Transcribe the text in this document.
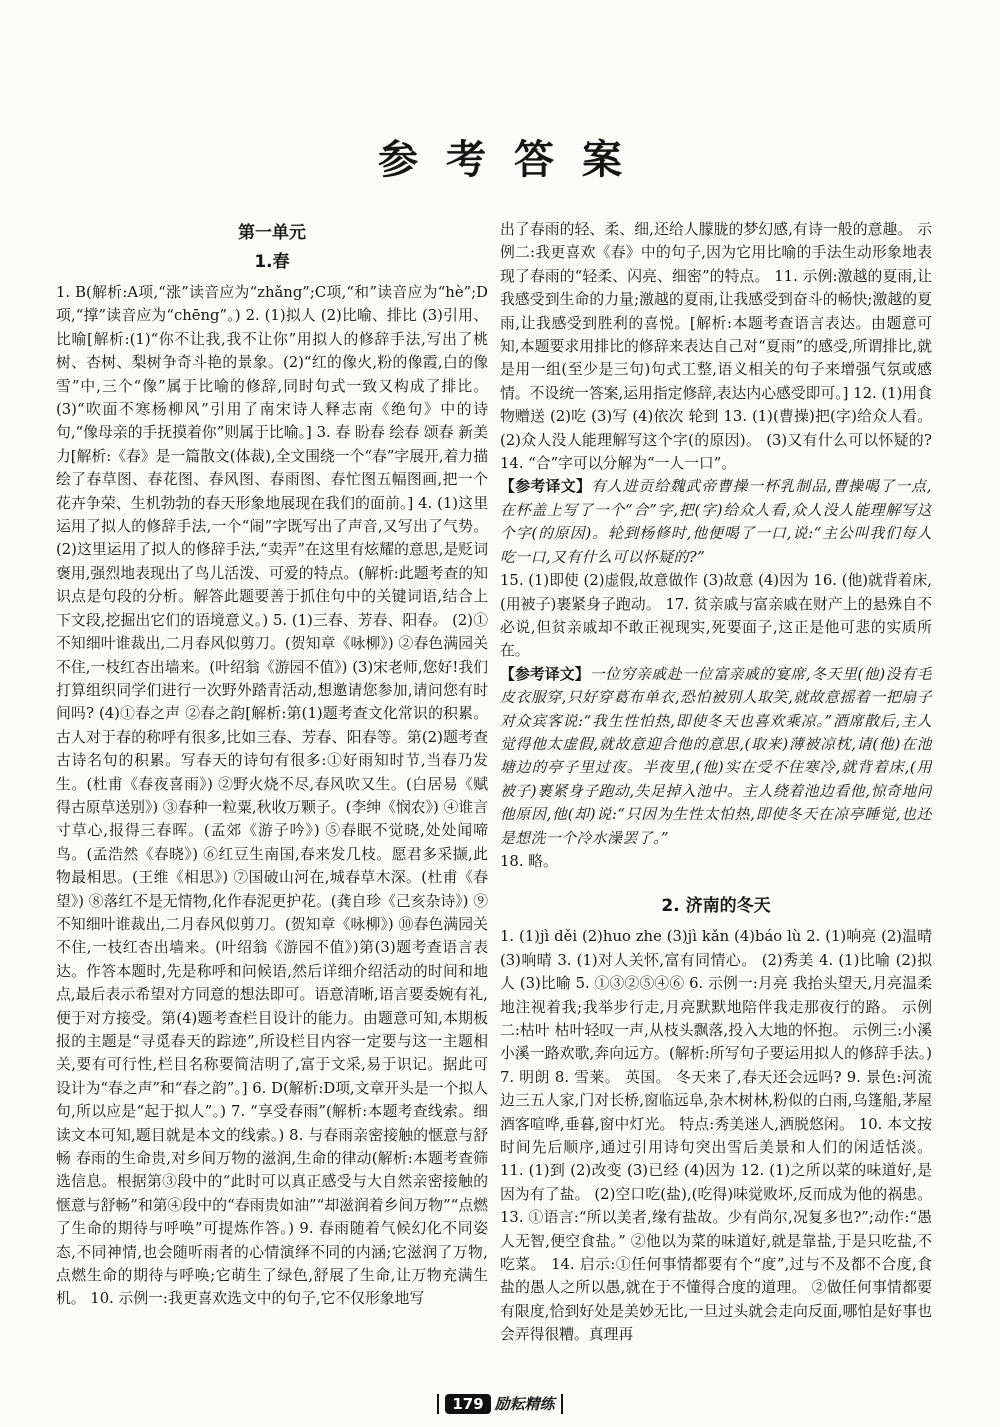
参考答案
第一单元
1.春

1. B(解析:A项,“涨”读音应为“zhǎng”;C项,“和”读音应为“hè”;D项,“撑”读音应为“chēng”。) 2. (1)拟人 (2)比喻、排比 (3)引用、比喻[解析:(1)“你不让我,我不让你”用拟人的修辞手法,写出了桃树、杏树、梨树争奇斗艳的景象。(2)“红的像火,粉的像霞,白的像雪”中,三个“像”属于比喻的修辞,同时句式一致又构成了排比。(3)“吹面不寒杨柳风”引用了南宋诗人释志南《绝句》中的诗句,“像母亲的手抚摸着你”则属于比喻。] 3. 春 盼春 绘春 颂春 新美 力[解析:《春》是一篇散文(体裁),全文围绕一个“春”字展开,着力描绘了春草图、春花图、春风图、春雨图、春忙图五幅图画,把一个花卉争荣、生机勃勃的春天形象地展现在我们的面前。] 4. (1)这里运用了拟人的修辞手法,一个“闹”字既写出了声音,又写出了气势。(2)这里运用了拟人的修辞手法,“卖弄”在这里有炫耀的意思,是贬词褒用,强烈地表现出了鸟儿活泼、可爱的特点。(解析:此题考查的知识点是句段的分析。解答此题要善于抓住句中的关键词语,结合上下文段,挖掘出它们的语境意义。) 5. (1)三春、芳春、阳春。 (2)①不知细叶谁裁出,二月春风似剪刀。(贺知章《咏柳》) ②春色满园关不住,一枝红杏出墙来。(叶绍翁《游园不值》) (3)宋老师,您好!我们打算组织同学们进行一次野外踏青活动,想邀请您参加,请问您有时间吗? (4)①春之声 ②春之韵[解析:第(1)题考查文化常识的积累。古人对于春的称呼有很多,比如三春、芳春、阳春等。第(2)题考查古诗名句的积累。写春天的诗句有很多:①好雨知时节,当春乃发生。(杜甫《春夜喜雨》) ②野火烧不尽,春风吹又生。(白居易《赋得古原草送别》) ③春种一粒粟,秋收万颗子。(李绅《悯农》) ④谁言寸草心,报得三春晖。(孟郊《游子吟》) ⑤春眠不觉晓,处处闻啼鸟。(孟浩然《春晓》) ⑥红豆生南国,春来发几枝。愿君多采撷,此物最相思。(王维《相思》) ⑦国破山河在,城春草木深。(杜甫《春望》) ⑧落红不是无情物,化作春泥更护花。(龚自珍《己亥杂诗》) ⑨不知细叶谁裁出,二月春风似剪刀。(贺知章《咏柳》) ⑩春色满园关不住,一枝红杏出墙来。(叶绍翁《游园不值》)第(3)题考查语言表达。作答本题时,先是称呼和问候语,然后详细介绍活动的时间和地点,最后表示希望对方同意的想法即可。语意清晰,语言要委婉有礼,便于对方接受。第(4)题考查栏目设计的能力。由题意可知,本期板报的主题是“寻觅春天的踪迹”,所设栏目内容一定要与这一主题相关,要有可行性,栏目名称要简洁明了,富于文采,易于识记。据此可设计为“春之声”和“春之韵”。] 6. D(解析:D项,文章开头是一个拟人句,所以应是“起于拟人”。) 7. “享受春雨”(解析:本题考查线索。细读文本可知,题目就是本文的线索。) 8. 与春雨亲密接触的惬意与舒畅 春雨的生命贵,对乡间万物的滋润,生命的律动(解析:本题考查筛选信息。根据第③段中的“此时可以真正感受与大自然亲密接触的惬意与舒畅”和第④段中的“春雨贵如油”“却滋润着乡间万物”“点燃了生命的期待与呼唤”可提炼作答。) 9. 春雨随着气候幻化不同姿态,不同神情,也会随听雨者的心情演绎不同的内涵;它滋润了万物,点燃生命的期待与呼唤;它萌生了绿色,舒展了生命,让万物充满生机。 10. 示例一:我更喜欢选文中的句子,它不仅形象地写

出了春雨的轻、柔、细,还给人朦胧的梦幻感,有诗一般的意趣。 示例二:我更喜欢《春》中的句子,因为它用比喻的手法生动形象地表现了春雨的“轻柔、闪亮、细密”的特点。 11. 示例:激越的夏雨,让我感受到生命的力量;激越的夏雨,让我感受到奋斗的畅快;激越的夏雨,让我感受到胜利的喜悦。[解析:本题考查语言表达。由题意可知,本题要求用排比的修辞来表达自己对“夏雨”的感受,所谓排比,就是用一组(至少是三句)句式工整,语义相关的句子来增强气氛或感情。不设统一答案,运用指定修辞,表达内心感受即可。] 12. (1)用食物赠送 (2)吃 (3)写 (4)依次 轮到 13. (1)(曹操)把(字)给众人看。 (2)众人没人能理解写这个字(的原因)。 (3)又有什么可以怀疑的? 14. “合”字可以分解为“一人一口”。

【参考译文】有人进贡给魏武帝曹操一杯乳制品,曹操喝了一点,在杯盖上写了一个“合”字,把(字)给众人看,众人没人能理解写这个字(的原因)。轮到杨修时,他便喝了一口,说:“主公叫我们每人吃一口,又有什么可以怀疑的?”

15. (1)即使 (2)虚假,故意做作 (3)故意 (4)因为 16. (他)就背着床,(用被子)裹紧身子跑动。 17. 贫亲戚与富亲戚在财产上的悬殊自不必说,但贫亲戚却不敢正视现实,死要面子,这正是他可悲的实质所在。

【参考译文】一位穷亲戚赴一位富亲戚的宴席,冬天里(他)没有毛皮衣服穿,只好穿葛布单衣,恐怕被别人取笑,就故意摇着一把扇子对众宾客说:“我生性怕热,即使冬天也喜欢乘凉。”酒席散后,主人觉得他太虚假,就故意迎合他的意思,(取来)薄被凉枕,请(他)在池塘边的亭子里过夜。半夜里,(他)实在受不住寒冷,就背着床,(用被子)裹紧身子跑动,失足掉入池中。主人绕着池边看他,惊奇地问他原因,他(却)说:“只因为生性太怕热,即使冬天在凉亭睡觉,也还是想洗一个冷水澡罢了。”

18. 略。

2. 济南的冬天

1. (1)jì děi (2)huo zhe (3)jì kǎn (4)báo lù 2. (1)响亮 (2)温晴 (3)响晴 3. (1)对人关怀,富有同情心。 (2)秀美 4. (1)比喻 (2)拟人 (3)比喻 5. ①③②⑤④⑥ 6. 示例一:月亮 我抬头望天,月亮温柔地注视着我;我举步行走,月亮默默地陪伴我走那夜行的路。 示例二:枯叶 枯叶轻叹一声,从枝头飘落,投入大地的怀抱。 示例三:小溪 小溪一路欢歌,奔向远方。(解析:所写句子要运用拟人的修辞手法。) 7. 明朗 8. 雪莱。 英国。 冬天来了,春天还会远吗? 9. 景色:河流边三五人家,门对长桥,窗临远阜,杂木树林,粉似的白雨,乌篷船,茅屋酒客喧哗,垂暮,窗中灯光。 特点:秀美迷人,洒脱悠闲。 10. 本文按时间先后顺序,通过引用诗句突出雪后美景和人们的闲适恬淡。 11. (1)到 (2)改变 (3)已经 (4)因为 12. (1)之所以菜的味道好,是因为有了盐。 (2)空口吃(盐),(吃得)味觉败坏,反而成为他的祸患。 13. ①语言:“所以美者,缘有盐故。少有尚尔,况复多也?”;动作:“愚人无智,便空食盐。” ②他以为菜的味道好,就是靠盐,于是只吃盐,不吃菜。 14. 启示:①任何事情都要有个“度”,过与不及都不合度,食盐的愚人之所以愚,就在于不懂得合度的道理。 ②做任何事情都要有限度,恰到好处是美妙无比,一旦过头就会走向反面,哪怕是好事也会弄得很糟。真理再

179 励耘精练
